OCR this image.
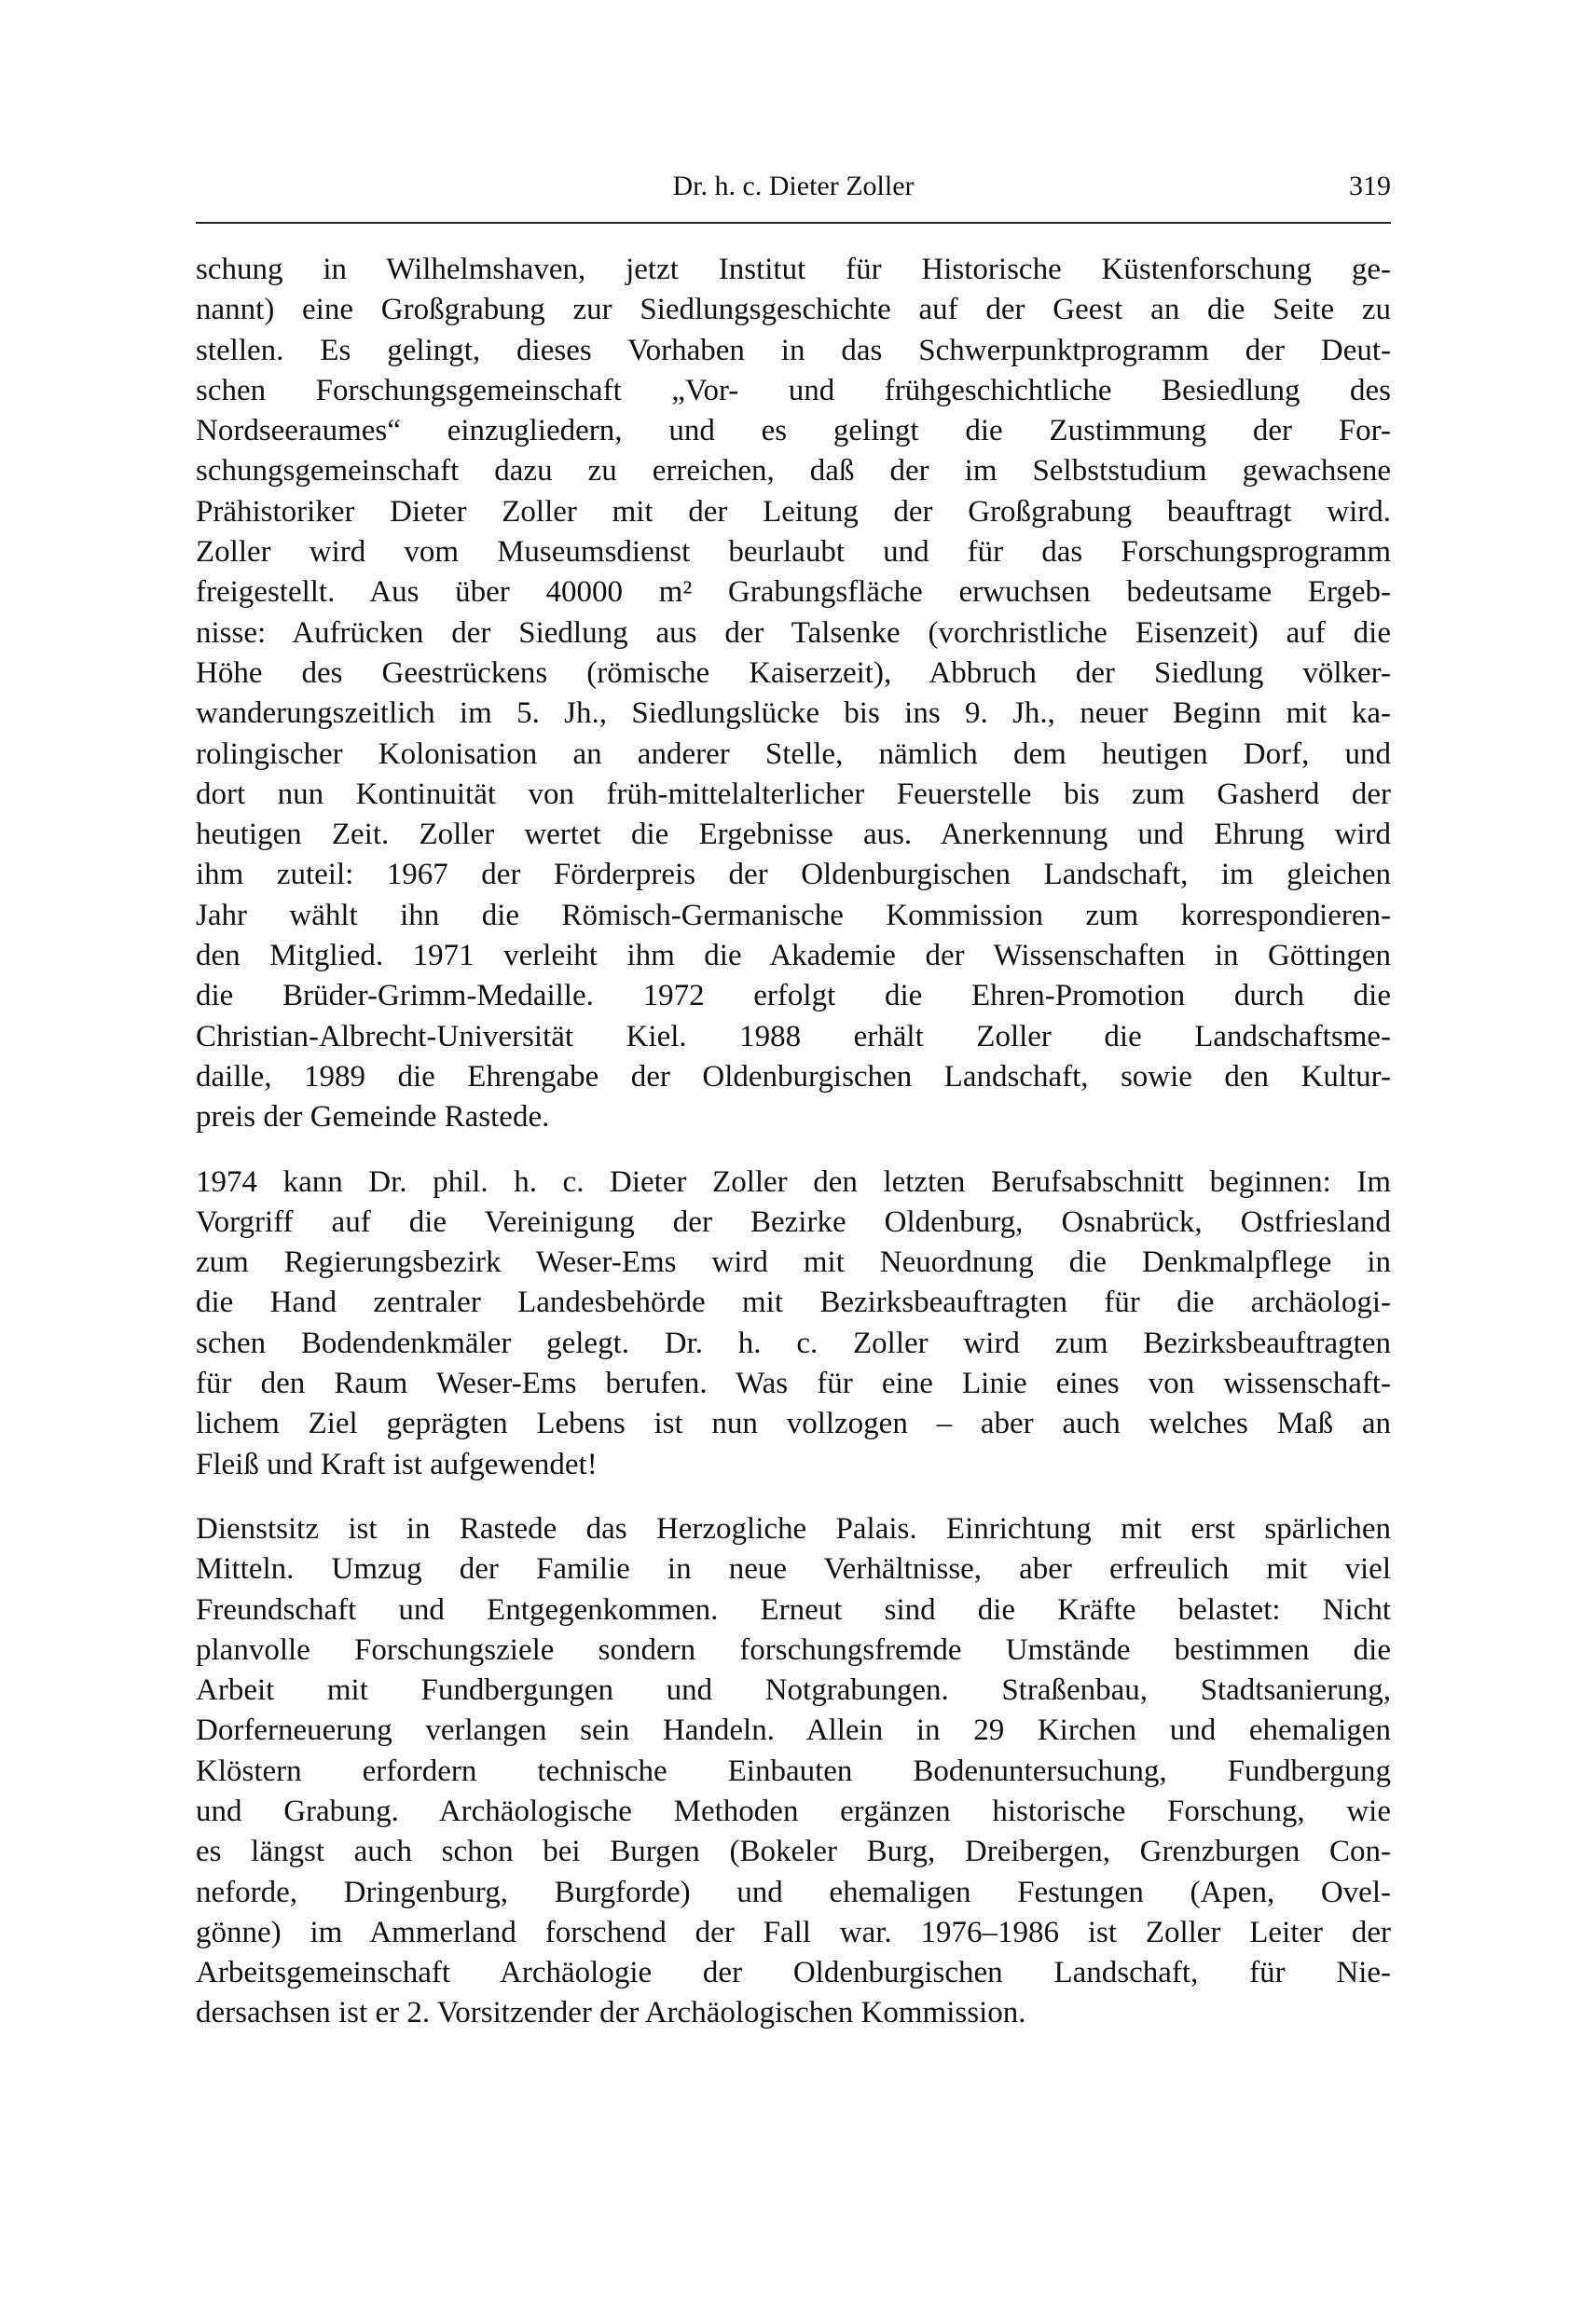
Dr. h. c. Dieter Zoller	319
schung in Wilhelmshaven, jetzt Institut für Historische Küstenforschung ge-
nannt) eine Großgrabung zur Siedlungsgeschichte auf der Geest an die Seite zu
stellen. Es gelingt, dieses Vorhaben in das Schwerpunktprogramm der Deut-
schen Forschungsgemeinschaft „Vor- und frühgeschichtliche Besiedlung des
Nordseeraumes“ einzugliedern, und es gelingt die Zustimmung der For-
schungsgemeinschaft dazu zu erreichen, daß der im Selbststudium gewachsene
Prähistoriker Dieter Zoller mit der Leitung der Großgrabung beauftragt wird.
Zoller wird vom Museumsdienst beurlaubt und für das Forschungsprogramm
freigestellt. Aus über 40000 m² Grabungsfläche erwuchsen bedeutsame Ergeb-
nisse: Aufrücken der Siedlung aus der Talsenke (vorchristliche Eisenzeit) auf die
Höhe des Geestrückens (römische Kaiserzeit), Abbruch der Siedlung völker-
wanderungszeitlich im 5. Jh., Siedlungslücke bis ins 9. Jh., neuer Beginn mit ka-
rolingischer Kolonisation an anderer Stelle, nämlich dem heutigen Dorf, und
dort nun Kontinuität von früh-mittelalterlicher Feuerstelle bis zum Gasherd der
heutigen Zeit. Zoller wertet die Ergebnisse aus. Anerkennung und Ehrung wird
ihm zuteil: 1967 der Förderpreis der Oldenburgischen Landschaft, im gleichen
Jahr wählt ihn die Römisch-Germanische Kommission zum korrespondieren-
den Mitglied. 1971 verleiht ihm die Akademie der Wissenschaften in Göttingen
die Brüder-Grimm-Medaille. 1972 erfolgt die Ehren-Promotion durch die
Christian-Albrecht-Universität Kiel. 1988 erhält Zoller die Landschaftsme-
daille, 1989 die Ehrengabe der Oldenburgischen Landschaft, sowie den Kultur-
preis der Gemeinde Rastede.
1974 kann Dr. phil. h. c. Dieter Zoller den letzten Berufsabschnitt beginnen: Im
Vorgriff auf die Vereinigung der Bezirke Oldenburg, Osnabrück, Ostfriesland
zum Regierungsbezirk Weser-Ems wird mit Neuordnung die Denkmalpflege in
die Hand zentraler Landesbehörde mit Bezirksbeauftragten für die archäologi-
schen Bodendenkmäler gelegt. Dr. h. c. Zoller wird zum Bezirksbeauftragten
für den Raum Weser-Ems berufen. Was für eine Linie eines von wissenschaft-
lichem Ziel geprägten Lebens ist nun vollzogen – aber auch welches Maß an
Fleiß und Kraft ist aufgewendet!
Dienstsitz ist in Rastede das Herzogliche Palais. Einrichtung mit erst spärlichen
Mitteln. Umzug der Familie in neue Verhältnisse, aber erfreulich mit viel
Freundschaft und Entgegenkommen. Erneut sind die Kräfte belastet: Nicht
planvolle Forschungsziele sondern forschungsfremde Umstände bestimmen die
Arbeit mit Fundbergungen und Notgrabungen. Straßenbau, Stadtsanierung,
Dorferneuerung verlangen sein Handeln. Allein in 29 Kirchen und ehemaligen
Klöstern erfordern technische Einbauten Bodenuntersuchung, Fundbergung
und Grabung. Archäologische Methoden ergänzen historische Forschung, wie
es längst auch schon bei Burgen (Bokeler Burg, Dreibergen, Grenzburgen Con-
neforde, Dringenburg, Burgforde) und ehemaligen Festungen (Apen, Ovel-
gönne) im Ammerland forschend der Fall war. 1976–1986 ist Zoller Leiter der
Arbeitsgemeinschaft Archäologie der Oldenburgischen Landschaft, für Nie-
dersachsen ist er 2. Vorsitzender der Archäologischen Kommission.
